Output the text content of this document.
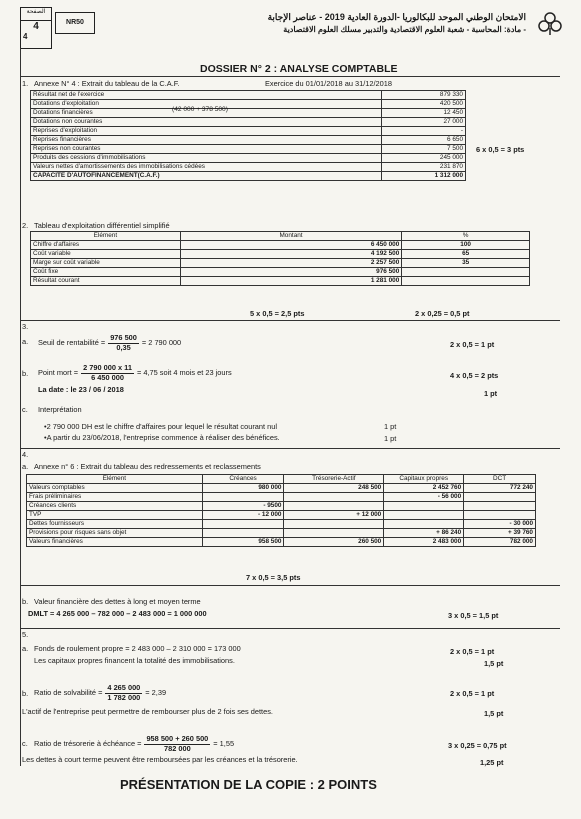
الصفحة
4
4
NR50
الامتحان الوطني الموحد للبكالوريا -الدورة العادية 2019 - عناصر الإجابة
- مادة: المحاسبة - شعبة العلوم الاقتصادية والتدبير مسلك العلوم الاقتصادية
DOSSIER N° 2 : ANALYSE COMPTABLE
1. Annexe N° 4 : Extrait du tableau de la C.A.F.	Exercice du 01/01/2018 au 31/12/2018
Résultat net de l'exercice	879 330
Dotations d'exploitation	420 500
Dotations financières	12 450
Dotations non courantes	27 000
Reprises d'exploitation	-
Reprises financières	6 650
Reprises non courantes	7 500
Produits des cessions d'immobilisations	245 000
Valeurs nettes d'amortissements des immobilisations cédées	231 870
CAPACITE D'AUTOFINANCEMENT(C.A.F.)	1 312 000
(42 000 + 378 500)
6 x 0,5 = 3 pts
2. Tableau d'exploitation différentiel simplifié
Elément	Montant	%
Chiffre d'affaires	6 450 000	100
Coût variable	4 192 500	65
Marge sur coût variable	2 257 500	35
Coût fixe	976 500	
Résultat courant	1 281 000	
5 x 0,5 = 2,5 pts	2 x 0,25 = 0,5 pt
3.
a. Seuil de rentabilité = $\frac{976 500}{0,35} = 2$ 790 000	2 x 0,5 = 1 pt
b. Point mort = $\frac{2 790 000 x 11}{6 450 000} = 4,75$ soit 4 mois et 23 jours	4 x 0,5 = 2 pts
La date : le 23 / 06 / 2018	1 pt
c. Interprétation
•2 790 000 DH est le chiffre d'affaires pour lequel le résultat courant nul	1 pt
•A partir du 23/06/2018, l'entreprise commence à réaliser des bénéfices.	1 pt
4.
a. Annexe n° 6 : Extrait du tableau des redressements et reclassements
Elément	Créances	Trésorerie-Actif	Capitaux propres	DCT
Valeurs comptables	980 000	248 500	2 452 760	772 240
Frais préliminaires			- 56 000	
Créances clients	- 9500			
TVP	- 12 000	+ 12 000		
Dettes fournisseurs				- 30 000
Provisions pour risques sans objet			+ 86 240	+ 39 760
Valeurs financières	958 500	260 500	2 483 000	782 000
7 x 0,5 = 3,5 pts
b. Valeur financière des dettes à long et moyen terme
DMLT = 4 265 000 – 782 000 – 2 483 000 = 1 000 000	3 x 0,5 = 1,5 pt
5.
a. Fonds de roulement propre = 2 483 000 – 2 310 000 = 173 000	2 x 0,5 = 1 pt
Les capitaux propres financent la totalité des immobilisations.	1,5 pt
b. Ratio de solvabilité = $\frac{4 265 000}{1 782 000} = 2,39$	2 x 0,5 = 1 pt
L'actif de l'entreprise peut permettre de rembourser plus de 2 fois ses dettes.	1,5 pt
c. Ratio de trésorerie à échéance = $\frac{958 500 + 260 500}{782 000} = 1,55$	3 x 0,25 = 0,75 pt
Les dettes à court terme peuvent être remboursées par les créances et la trésorerie.	1,25 pt
PRÉSENTATION DE LA COPIE : 2 POINTS
